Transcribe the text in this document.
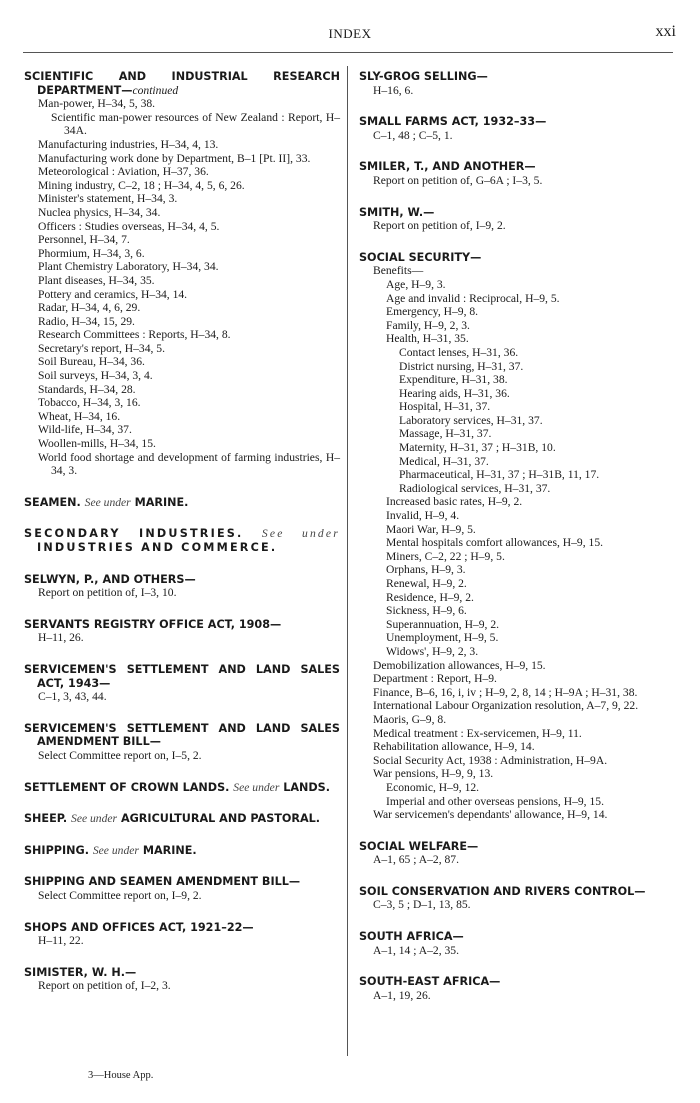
INDEX	xxi
SCIENTIFIC AND INDUSTRIAL RESEARCH DEPARTMENT—continued
Man-power, H–34, 5, 38.
Scientific man-power resources of New Zealand : Report, H–34A.
Manufacturing industries, H–34, 4, 13.
Manufacturing work done by Department, B–1 [Pt. II], 33.
Meteorological : Aviation, H–37, 36.
Mining industry, C–2, 18 ; H–34, 4, 5, 6, 26.
Minister's statement, H–34, 3.
Nuclea physics, H–34, 34.
Officers : Studies overseas, H–34, 4, 5.
Personnel, H–34, 7.
Phormium, H–34, 3, 6.
Plant Chemistry Laboratory, H–34, 34.
Plant diseases, H–34, 35.
Pottery and ceramics, H–34, 14.
Radar, H–34, 4, 6, 29.
Radio, H–34, 15, 29.
Research Committees : Reports, H–34, 8.
Secretary's report, H–34, 5.
Soil Bureau, H–34, 36.
Soil surveys, H–34, 3, 4.
Standards, H–34, 28.
Tobacco, H–34, 3, 16.
Wheat, H–34, 16.
Wild-life, H–34, 37.
Woollen-mills, H–34, 15.
World food shortage and development of farming industries, H–34, 3.
SEAMEN. See under MARINE.
SECONDARY INDUSTRIES. See under INDUSTRIES AND COMMERCE.
SELWYN, P., AND OTHERS—
Report on petition of, I–3, 10.
SERVANTS REGISTRY OFFICE ACT, 1908—
H–11, 26.
SERVICEMEN'S SETTLEMENT AND LAND SALES ACT, 1943—
C–1, 3, 43, 44.
SERVICEMEN'S SETTLEMENT AND LAND SALES AMENDMENT BILL—
Select Committee report on, I–5, 2.
SETTLEMENT OF CROWN LANDS. See under LANDS.
SHEEP. See under AGRICULTURAL AND PASTORAL.
SHIPPING. See under MARINE.
SHIPPING AND SEAMEN AMENDMENT BILL—
Select Committee report on, I–9, 2.
SHOPS AND OFFICES ACT, 1921–22—
H–11, 22.
SIMISTER, W. H.—
Report on petition of, I–2, 3.
SLY-GROG SELLING—
H–16, 6.
SMALL FARMS ACT, 1932–33—
C–1, 48 ; C–5, 1.
SMILER, T., AND ANOTHER—
Report on petition of, G–6A ; I–3, 5.
SMITH, W.—
Report on petition of, I–9, 2.
SOCIAL SECURITY—
Benefits—
Age, H–9, 3.
Age and invalid : Reciprocal, H–9, 5.
Emergency, H–9, 8.
Family, H–9, 2, 3.
Health, H–31, 35.
Contact lenses, H–31, 36.
District nursing, H–31, 37.
Expenditure, H–31, 38.
Hearing aids, H–31, 36.
Hospital, H–31, 37.
Laboratory services, H–31, 37.
Massage, H–31, 37.
Maternity, H–31, 37 ; H–31B, 10.
Medical, H–31, 37.
Pharmaceutical, H–31, 37 ; H–31B, 11, 17.
Radiological services, H–31, 37.
Increased basic rates, H–9, 2.
Invalid, H–9, 4.
Maori War, H–9, 5.
Mental hospitals comfort allowances, H–9, 15.
Miners, C–2, 22 ; H–9, 5.
Orphans, H–9, 3.
Renewal, H–9, 2.
Residence, H–9, 2.
Sickness, H–9, 6.
Superannuation, H–9, 2.
Unemployment, H–9, 5.
Widows', H–9, 2, 3.
Demobilization allowances, H–9, 15.
Department : Report, H–9.
Finance, B–6, 16, i, iv ; H–9, 2, 8, 14 ; H–9A ; H–31, 38.
International Labour Organization resolution, A–7, 9, 22.
Maoris, G–9, 8.
Medical treatment : Ex-servicemen, H–9, 11.
Rehabilitation allowance, H–9, 14.
Social Security Act, 1938 : Administration, H–9A.
War pensions, H–9, 9, 13.
Economic, H–9, 12.
Imperial and other overseas pensions, H–9, 15.
War servicemen's dependants' allowance, H–9, 14.
SOCIAL WELFARE—
A–1, 65 ; A–2, 87.
SOIL CONSERVATION AND RIVERS CONTROL—
C–3, 5 ; D–1, 13, 85.
SOUTH AFRICA—
A–1, 14 ; A–2, 35.
SOUTH-EAST AFRICA—
A–1, 19, 26.
3—House App.
